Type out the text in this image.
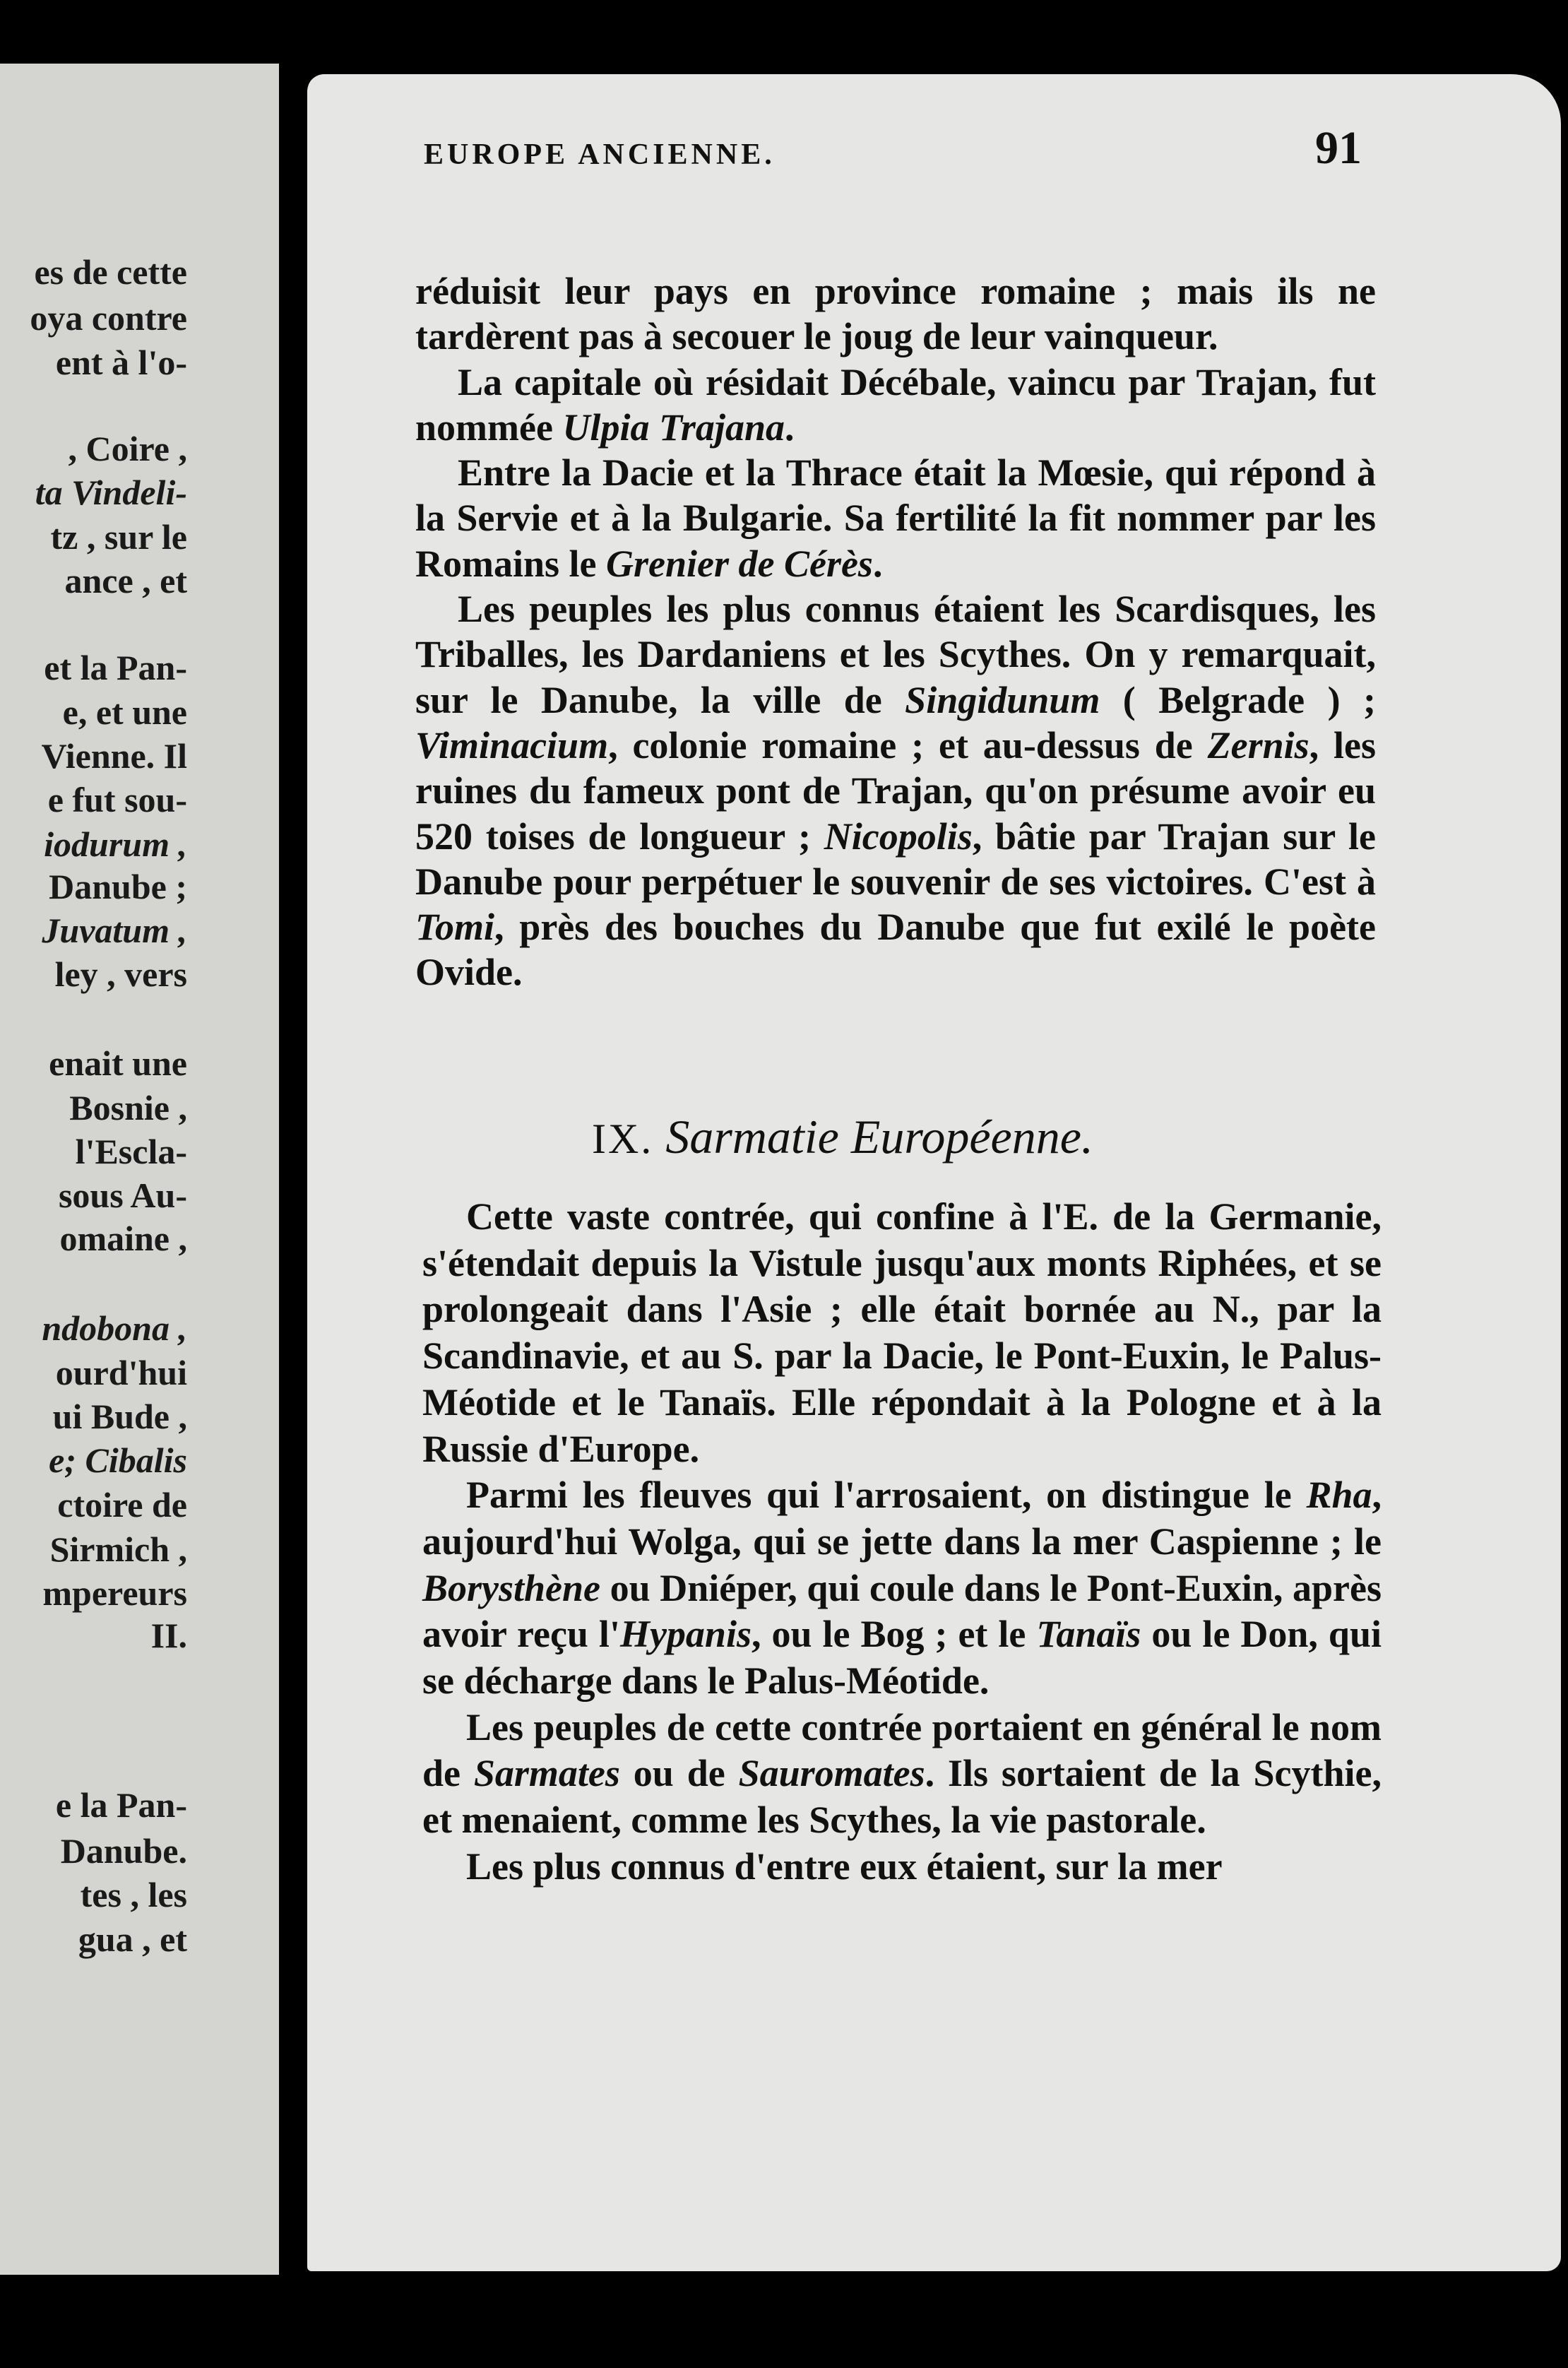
es de cette
oya contre
ent à l'o-
, Coire ,
ta Vindeli-
tz , sur le
ance , et
et la Pan-
e, et une
Vienne. Il
e fut sou-
iodurum ,
Danube ;
Juvatum ,
ley , vers
enait une
Bosnie ,
l'Escla-
sous Au-
omaine ,
ndobona ,
ourd'hui
ui Bude ,
e; Cibalis
ctoire de
Sirmich ,
mpereurs
II.
e la Pan-
Danube.
tes , les
gua , et
EUROPE ANCIENNE.	91

réduisit leur pays en province romaine ; mais ils ne tardèrent pas à secouer le joug de leur vainqueur.

La capitale où résidait Décébale, vaincu par Trajan, fut nommée Ulpia Trajana.

Entre la Dacie et la Thrace était la Mœsie, qui répond à la Servie et à la Bulgarie. Sa fertilité la fit nommer par les Romains le Grenier de Cérès.

Les peuples les plus connus étaient les Scardisques, les Triballes, les Dardaniens et les Scythes. On y remarquait, sur le Danube, la ville de Singidunum ( Belgrade ) ; Viminacium, colonie romaine ; et au-dessus de Zernis, les ruines du fameux pont de Trajan, qu'on présume avoir eu 520 toises de longueur ; Nicopolis, bâtie par Trajan sur le Danube pour perpétuer le souvenir de ses victoires. C'est à Tomi, près des bouches du Danube que fut exilé le poète Ovide.

IX. Sarmatie Européenne.

Cette vaste contrée, qui confine à l'E. de la Germanie, s'étendait depuis la Vistule jusqu'aux monts Riphées, et se prolongeait dans l'Asie ; elle était bornée au N., par la Scandinavie, et au S. par la Dacie, le Pont-Euxin, le Palus-Méotide et le Tanaïs. Elle répondait à la Pologne et à la Russie d'Europe.

Parmi les fleuves qui l'arrosaient, on distingue le Rha, aujourd'hui Wolga, qui se jette dans la mer Caspienne ; le Borysthène ou Dniéper, qui coule dans le Pont-Euxin, après avoir reçu l'Hypanis, ou le Bog ; et le Tanaïs ou le Don, qui se décharge dans le Palus-Méotide.

Les peuples de cette contrée portaient en général le nom de Sarmates ou de Sauromates. Ils sortaient de la Scythie, et menaient, comme les Scythes, la vie pastorale.

Les plus connus d'entre eux étaient, sur la mer
